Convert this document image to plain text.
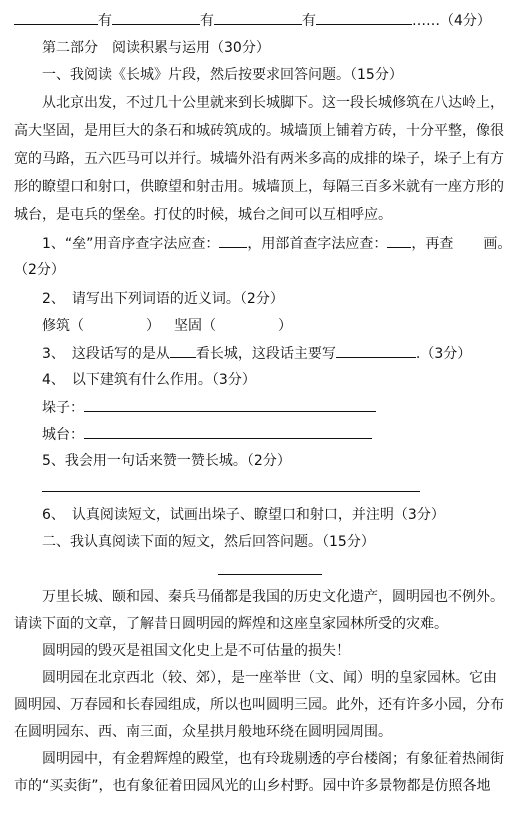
有	有	有	……（4分）
第二部分　阅读积累与运用（30分）
一、我阅读《长城》片段，然后按要求回答问题。（15分）
从北京出发，不过几十公里就来到长城脚下。这一段长城修筑在八达岭上，
高大坚固，是用巨大的条石和城砖筑成的。城墙顶上铺着方砖，十分平整，像很
宽的马路，五六匹马可以并行。城墙外沿有两米多高的成排的垛子，垛子上有方
形的瞭望口和射口，供瞭望和射击用。城墙顶上，每隔三百多米就有一座方形的
城台，是屯兵的堡垒。打仗的时候，城台之间可以互相呼应。
1、“垒”用音序查字法应查： ，用部首查字法应查： ，再查 画。
（2分）
2、　请写出下列词语的近义词。（2分）
修筑（	） 坚固（	）
3、　这段话写的是从 看长城，这段话主要写	.（3分）
4、　以下建筑有什么作用。（3分）
垛子：
城台：
5、我会用一句话来赞一赞长城。（2分）
6、　认真阅读短文，试画出垛子、瞭望口和射口，并注明（3分）
二、我认真阅读下面的短文，然后回答问题。（15分）
万里长城、颐和园、秦兵马俑都是我国的历史文化遗产，圆明园也不例外。
请读下面的文章，了解昔日圆明园的辉煌和这座皇家园林所受的灾难。
圆明园的毁灭是祖国文化史上是不可估量的损失！
圆明园在北京西北（较、郊），是一座举世（文、闻）明的皇家园林。它由
圆明园、万春园和长春园组成，所以也叫圆明三园。此外，还有许多小园，分布
在圆明园东、西、南三面，众星拱月般地环绕在圆明园周围。
圆明园中，有金碧辉煌的殿堂，也有玲珑剔透的亭台楼阁；有象征着热闹街
市的“买卖街”，也有象征着田园风光的山乡村野。园中许多景物都是仿照各地
